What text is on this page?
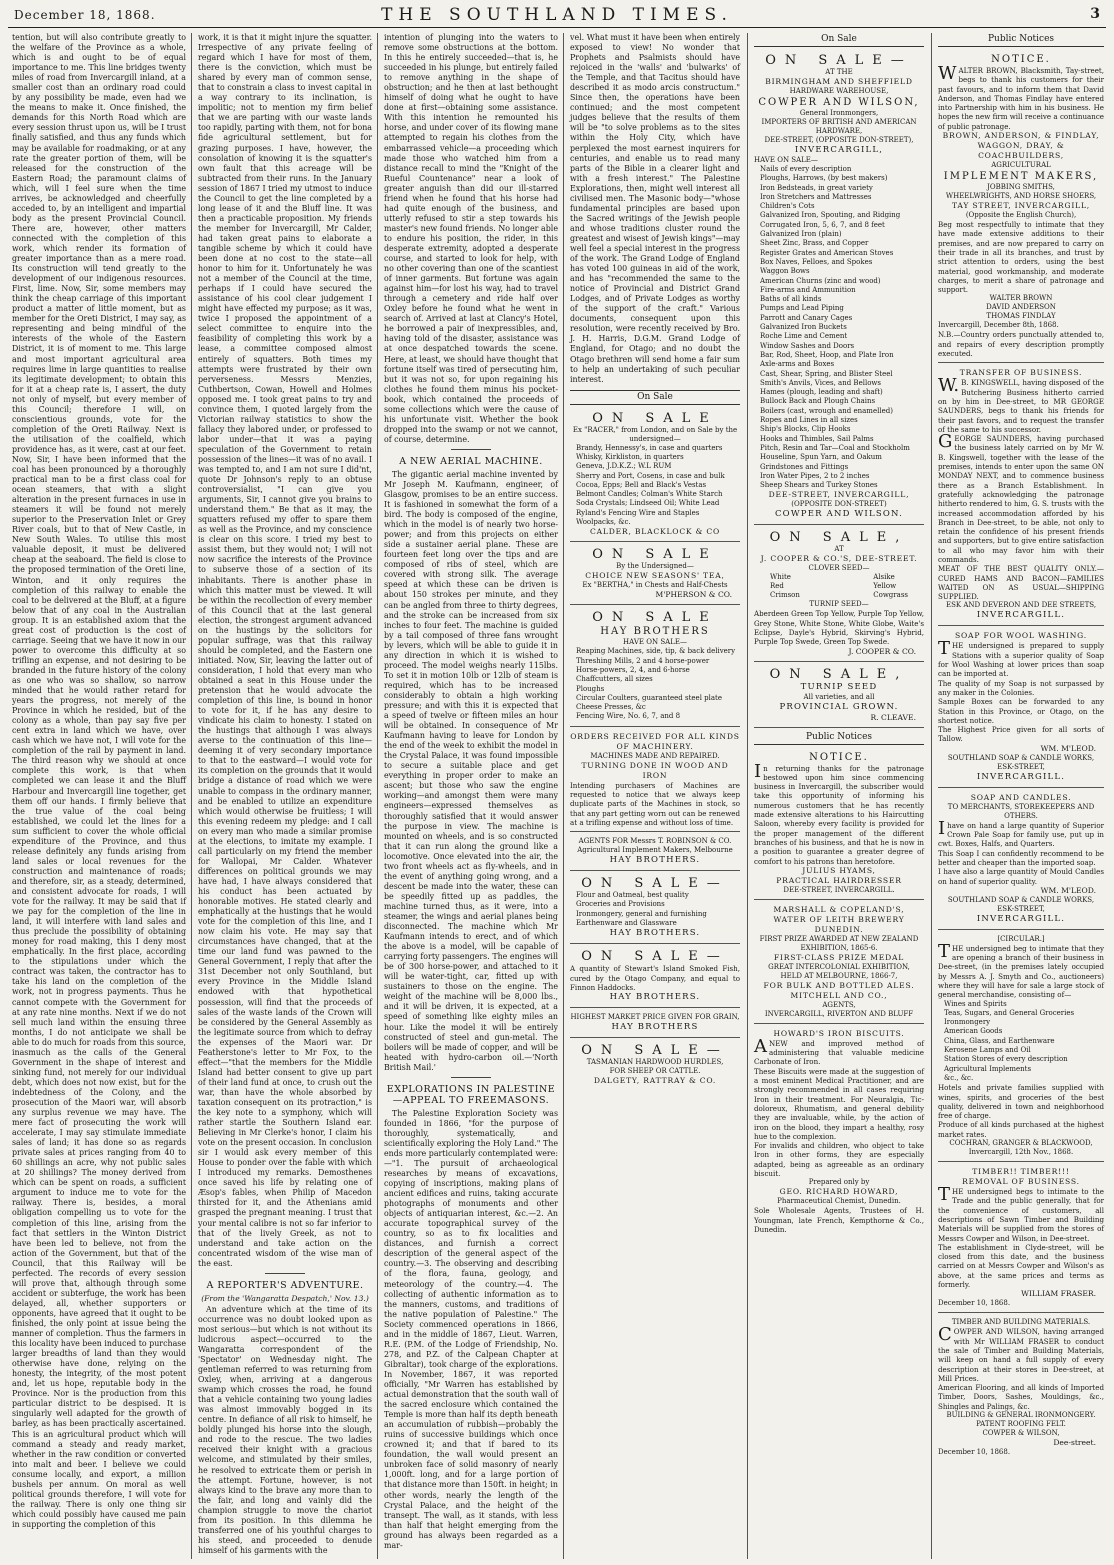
December 18, 1868.	THE SOUTHLAND TIMES.	3

tention, but will also contribute greatly to the welfare of the Province as a whole, which is and ought to be of equal importance to me. This line bridges twenty miles of road from Invercargill inland, at a smaller cost than an ordinary road could by any possibility be made, even had we the means to make it. Once finished, the demands for this North Road which are every session thrust upon us, will be I trust finally satisfied, and thus any funds which may be available for roadmaking, or at any rate the greater portion of them, will be released for the construction of the Eastern Road; the paramount claims of which, will I feel sure when the time arrives, be acknowledged and cheerfully acceded to, by an intelligent and impartial body as the present Provincial Council. There are, however, other matters connected with the completion of this work, which render its formation of greater importance than as a mere road. Its construction will tend greatly to the development of our indigenous resources. First, lime. Now, Sir, some members may think the cheap carriage of this important product a matter of little moment, but as member for the Oreti District, I may say, as representing and being mindful of the interests of the whole of the Eastern District, it is of moment to me. This large and most important agricultural area requires lime in large quantities to realise its legitimate development; to obtain this for it at a cheap rate is, I assert, the duty not only of myself, but every member of this Council; therefore I will, on conscientious grounds, vote for the completion of the Oreti Railway. Next is the utilisation of the coalfield, which providence has, as it were, cast at our feet. Now, Sir, I have been informed that the coal has been pronounced by a thoroughly practical man to be a first class coal for ocean steamers, that with a slight alteration in the present furnaces in use in steamers it will be found not merely superior to the Preservation Inlet or Grey River coals, but to that of New Castle, in New South Wales. To utilise this most valuable deposit, it must be delivered cheap at the seaboard. The field is close to the proposed termination of the Oreti line, Winton, and it only requires the completion of this railway to enable the coal to be delivered at the Bluff, at a figure below that of any coal in the Australian group. It is an established axiom that the great cost of production is the cost of carriage. Seeing that we have it now in our power to overcome this difficulty at so trifling an expense, and not desiring to be branded in the future history of the colony as one who was so shallow, so narrow minded that he would rather retard for years the progress, not merely of the Province in which he resided, but of the colony as a whole, than pay say five per cent extra in land which we have, over cash which we have not, I will vote for the completion of the rail by payment in land. The third reason why we should at once complete this work, is that when completed we can lease it and the Bluff Harbour and Invercargill line together, get them off our hands. I firmly believe that the true value of the coal being established, we could let the lines for a sum sufficient to cover the whole official expenditure of the Province, and thus release definitely any funds arising from land sales or local revenues for the construction and maintenance of roads; and therefore, sir, as a steady, determined, and consistent advocate for roads, I will vote for the railway. It may be said that if we pay for the completion of the line in land, it will interfere with land sales and thus preclude the possibility of obtaining money for road making, this I deny most emphatically. In the first place, according to the stipulations under which the contract was taken, the contractor has to take his land on the completion of the work, not in progress payments. Thus he cannot compete with the Government for at any rate nine months. Next if we do not sell much land within the ensuing three months, I do not anticipate we shall be able to do much for roads from this source, inasmuch as the calls of the General Government in the shape of interest and sinking fund, not merely for our individual debt, which does not now exist, but for the indebtedness of the Colony, and the prosecution of the Maori war, will absorb any surplus revenue we may have. The mere fact of prosecuting the work will accelerate, I may say stimulate immediate sales of land; it has done so as regards private sales at prices ranging from 40 to 60 shillings an acre, why not public sales at 20 shillings? The money derived from which can be spent on roads, a sufficient argument to induce me to vote for the railway. There is, besides, a moral obligation compelling us to vote for the completion of this line, arising from the fact that settlers in the Winton District have been led to believe, not from the action of the Government, but that of the Council, that this Railway will be perfected. The records of every session will prove that, although through some accident or subterfuge, the work has been delayed, all, whether supporters or opponents, have agreed that it ought to be finished, the only point at issue being the manner of completion. Thus the farmers in this locality have been induced to purchase larger breadths of land than they would otherwise have done, relying on the honesty, the integrity, of the most potent and, let us hope, reputable body in the Province. Nor is the production from this particular district to be despised. It is singularly well adapted for the growth of barley, as has been practically ascertained. This is an agricultural product which will command a steady and ready market, whether in the raw condition or converted into malt and beer. I believe we could consume locally, and export, a million bushels per annum. On moral as well political grounds therefore, I will vote for the railway. There is only one thing sir which could possibly have caused me pain in supporting the completion of this

work, it is that it might injure the squatter. Irrespective of any private feeling of regard which I have for most of them, there is the conviction, which must be shared by every man of common sense, that to constrain a class to invest capital in a way contrary to its inclination, is impolitic; not to mention my firm belief that we are parting with our waste lands too rapidly, parting with them, not for bona fide agricultural settlement, but for grazing purposes. I have, however, the consolation of knowing it is the squatter's own fault that this acreage will be subtracted from their runs. In the January session of 1867 I tried my utmost to induce the Council to get the line completed by a long lease of it and the Bluff line. It was then a practicable proposition. My friends the member for Invercargill, Mr Calder, had taken great pains to elaborate a tangible scheme by which it could have been done at no cost to the state—all honor to him for it. Unfortunately he was not a member of the Council at the time, perhaps if I could have secured the assistance of his cool clear judgement I might have effected my purpose; as it was, twice I proposed the appointment of a select committee to enquire into the feasibility of completing this work by a lease, a committee composed almost entirely of squatters. Both times my attempts were frustrated by their own perverseness. Messrs Menzies, Cuthbertson, Cowan, Howell and Holmes opposed me. I took great pains to try and convince them, I quoted largely from the Victorian railway statistics to show the fallacy they labored under, or professed to labor under—that it was a paying speculation of the Government to retain possession of the lines—it was of no avail. I was tempted to, and I am not sure I did'nt, quote Dr Johnson's reply to an obtuse controversialist, "I can give you arguments, Sir, I cannot give you brains to understand them." Be that as it may, the squatters refused my offer to spare them as well as the Province, and my conscience is clear on this score. I tried my best to assist them, but they would not; I will not now sacrifice the interests of the Province to subserve those of a section of its inhabitants. There is another phase in which this matter must be viewed. It will be within the recollection of every member of this Council that at the last general election, the strongest argument advanced on the hustings by the solicitors for popular suffrage, was that this railway should be completed, and the Eastern one initiated. Now, Sir, leaving the latter out of consideration, I hold that every man who obtained a seat in this House under the pretension that he would advocate the completion of this line, is bound in honor to vote for it, if he has any desire to vindicate his claim to honesty. I stated on the hustings that although I was always averse to the continuation of this line—deeming it of very secondary importance to that to the eastward—I would vote for its completion on the grounds that it would bridge a distance of road which we were unable to compass in the ordinary manner, and be enabled to utilize an expenditure which would otherwise be fruitless; I will this evening redeem my pledge: and I call on every man who made a similar promise at the elections, to imitate my example. I call particularly on my friend the member for Wallopai, Mr Calder. Whatever differences on political grounds we may have had, I have always considered that his conduct has been actuated by honorable motives. He stated clearly and emphatically at the hustings that he would vote for the completion of this line, and I now claim his vote. He may say that circumstances have changed, that at the time our land fund was pawned to the General Government, I reply that after the 31st December not only Southland, but every Province in the Middle Island endowed with that hypothetical possession, will find that the proceeds of sales of the waste lands of the Crown will be considered by the General Assembly as the legitimate source from which to defray the expenses of the Maori war. Dr Featherstone's letter to Mr Fox, to the effect—"that the members for the Middle Island had better consent to give up part of their land fund at once, to crush out the war, than have the whole absorbed by taxation consequent on its protraction," is the key note to a symphony, which will rather startle the Southern Island ear. Believing in Mr Clerke's honor, I claim his vote on the present occasion. In conclusion sir I would ask every member of this House to ponder over the fable with which I introduced my remarks. Demosthenes once saved his life by relating one of Æsop's fables, when Philip of Macedon thirsted for it, and the Athenians amid grasped the pregnant meaning. I trust that your mental calibre is not so far inferior to that of the lively Greek, as not to understand and take action on the concentrated wisdom of the wise man of the east.

A REPORTER'S ADVENTURE.
(From the 'Wangaratta Despatch,' Nov. 13.)

An adventure which at the time of its occurrence was no doubt looked upon as most serious—but which is not without its ludicrous aspect—occurred to the Wangaratta correspondent of the 'Spectator' on Wednesday night. The gentleman referred to was returning from Oxley, when, arriving at a dangerous swamp which crosses the road, he found that a vehicle containing two young ladies was almost immovably bogged in its centre. In defiance of all risk to himself, he boldly plunged his horse into the slough, and rode to the rescue. The two ladies received their knight with a gracious welcome, and stimulated by their smiles, he resolved to extricate them or perish in the attempt. Fortune, however, is not always kind to the brave any more than to the fair, and long and vainly did the champion struggle to move the chariot from its position. In this dilemma he transferred one of his youthful charges to his steed, and proceeded to denude himself of his garments with the

intention of plunging into the waters to remove some obstructions at the bottom. In this he entirely succeeded—that is, he succeeded in his plunge, but entirely failed to remove anything in the shape of obstruction; and he then at last bethought himself of doing what he ought to have done at first—obtaining some assistance. With this intention he remounted his horse, and under cover of its flowing mane attempted to regain his clothes from the embarrassed vehicle—a proceeding which made those who watched him from a distance recall to mind the "Knight of the Rueful Countenance" near a look of greater anguish than did our ill-starred friend when he found that his horse had had quite enough of the business, and utterly refused to stir a step towards his master's new found friends. No longer able to endure his position, the rider, in this desperate extremity, adopted a desperate course, and started to look for help, with no other covering than one of the scantiest of inner garments. But fortune was again against him—for lost his way, had to travel through a cemetery and ride half over Oxley before he found what he went in search of. Arrived at last at Clancy's Hotel, he borrowed a pair of inexpressibles, and, having told of the disaster, assistance was at once despatched towards the scene. Here, at least, we should have thought that fortune itself was tired of persecuting him, but it was not so, for upon regaining his clothes he found them minus his pocket-book, which contained the proceeds of some collections which were the cause of his unfortunate visit. Whether the book dropped into the swamp or not we cannot, of course, determine.

A NEW AERIAL MACHINE.

The gigantic aerial machine invented by Mr Joseph M. Kaufmann, engineer, of Glasgow, promises to be an entire success. It is fashioned in somewhat the form of a bird. The body is composed of the engine, which in the model is of nearly two horse-power; and from this projects on either side a sustainer aerial plane. These are fourteen feet long over the tips and are composed of ribs of steel, which are covered with strong silk. The average speed at which these can be driven is about 150 strokes per minute, and they can be angled from three to thirty degrees, and the stroke can be increased from six inches to four feet. The machine is guided by a tail composed of three fans wrought by levers, which will be able to guide it in any direction in which it is wished to proceed. The model weighs nearly 115lbs. To set it in motion 10lb or 12lb of steam is required, which has to be increased considerably to obtain a high working pressure; and with this it is expected that a speed of twelve or fifteen miles an hour will be obtained. In consequence of Mr Kaufmann having to leave for London by the end of the week to exhibit the model in the Crystal Palace, it was found impossible to secure a suitable place and get everything in proper order to make an ascent; but those who saw the engine working—and amongst them were many engineers—expressed themselves as thoroughly satisfied that it would answer the purpose in view. The machine is mounted on wheels, and is so constructed that it can run along the ground like a locomotive. Once elevated into the air, the two front wheels act as fly-wheels, and in the event of anything going wrong, and a descent be made into the water, these can be speedily fitted up as paddles, the machine turned thus, as it were, into a steamer, the wings and aerial planes being disconnected. The machine which Mr Kaufmann intends to erect, and of which the above is a model, will be capable of carrying forty passengers. The engines will be of 300 horse-power, and attached to it will be water-tight, car, fitted up with sustainers to those on the engine. The weight of the machine will be 8,000 lbs., and it will be driven, it is expected, at a speed of something like eighty miles an hour. Like the model it will be entirely constructed of steel and gun-metal. The boilers will be made of copper, and will be heated with hydro-carbon oil.—'North British Mail.'

EXPLORATIONS IN PALESTINE—APPEAL TO FREEMASONS.

The Palestine Exploration Society was founded in 1866, "for the purpose of thoroughly, systematically, and scientifically exploring the Holy Land." The ends more particularly contemplated were:—"1. The pursuit of archaeological researches by means of excavations, copying of inscriptions, making plans of ancient edifices and ruins, taking accurate photographs of monuments and other objects of antiquarian interest, &c.—2. An accurate topographical survey of the country, so as to fix localities and distances, and furnish a correct description of the general aspect of the country.—3. The observing and describing of the flora, fauna, geology, and meteorology of the country.—4. The collecting of authentic information as to the manners, customs, and traditions of the native population of Palestine." The Society commenced operations in 1866, and in the middle of 1867, Lieut. Warren, R.E. (P.M. of the Lodge of Friendship, No. 278, and P.Z. of the Calpean Chapter at Gibraltar), took charge of the explorations. In November, 1867, it was reported officially, "Mr Warren has established by actual demonstration that the south wall of the sacred enclosure which contained the Temple is more than half its depth beneath an accumulation of rubbish—probably the ruins of successive buildings which once crowned it; and that if bared to its foundation, the wall would present an unbroken face of solid masonry of nearly 1,000ft. long, and for a large portion of that distance more than 150ft. in height; in other words, nearly the length of the Crystal Palace, and the height of the transept. The wall, as it stands, with less than half that height emerging from the ground has always been regarded as a mar-

vel. What must it have been when entirely exposed to view! No wonder that Prophets and Psalmists should have rejoiced in the 'walls' and 'bulwarks' of the Temple, and that Tacitus should have described it as modo arcis constructum." Since then, the operations have been continued; and the most competent judges believe that the results of them will be "to solve problems as to the sites within the Holy City, which have perplexed the most earnest inquirers for centuries, and enable us to read many parts of the Bible in a clearer light and with a fresh interest." The Palestine Explorations, then, might well interest all civilised men. The Masonic body—"whose fundamental principles are based upon the Sacred writings of the Jewish people and whose traditions cluster round the greatest and wisest of Jewish kings"—may well feel a special interest in the progress of the work. The Grand Lodge of England has voted 100 guineas in aid of the work, and has "recommended the same to the notice of Provincial and District Grand Lodges, and of Private Lodges as worthy of the support of the craft." Various documents, consequent upon this resolution, were recently received by Bro. J. H. Harris, D.G.M. Grand Lodge of England, for Otago; and no doubt the Otago brethren will send home a fair sum to help an undertaking of such peculiar interest.

On Sale
ON SALE
Ex "RACER," from London, and on Sale by the undersigned—
Brandy, Hennessy's, in case and quarters
Whisky, Kirkliston, in quarters
Geneva, J.D.K.Z.; W.L RUM
Sherry and Port, Cosens, in case and bulk
Cocoa, Epps; Bell and Black's Vestas
Belmont Candles; Colman's White Starch
Soda Crystals; Lindseed Oil; White Lead
Ryland's Fencing Wire and Staples
Woolpacks, &c.
CALDER, BLACKLOCK & CO
ON SALE
By the Undersigned—
CHOICE NEW SEASONS' TEA,
Ex "BERTHA," in Chests and Half-Chests
M'PHERSON & CO.
ON SALE
HAY BROTHERS
HAVE ON SALE—
Reaping Machines, side, tip, & back delivery
Threshing Mills, 2 and 4 horse-power
Horse-powers, 2, 4, and 6-horse
Chaffcutters, all sizes
Ploughs
Circular Coulters, guaranteed steel plate
Cheese Presses, &c
Fencing Wire, No. 6, 7, and 8
ORDERS RECEIVED FOR ALL KINDS OF MACHINERY.
MACHINES MADE AND REPAIRED.
TURNING DONE IN WOOD AND IRON
Intending purchasers of Machines are requested to notice that we always keep duplicate parts of the Machines in stock, so that any part getting worn out can be renewed at a trifling expense and without loss of time.
AGENTS FOR Messrs T. ROBINSON & CO.
Agricultural Implement Makers, Melbourne
HAY BROTHERS.
ON SALE—
Flour and Oatmeal, best quality
Groceries and Provisions
Ironmongery, general and furnishing
Earthenware and Glassware
HAY BROTHERS.
ON SALE—
A quantity of Stewart's Island Smoked Fish, cured by the Otago Company, and equal to Finnon Haddocks.
HAY BROTHERS.
HIGHEST MARKET PRICE GIVEN FOR GRAIN,
HAY BROTHERS
ON SALE—
TASMANIAN HARDWOOD HURDLES,
FOR SHEEP OR CATTLE.
DALGETY, RATTRAY & CO.
On Sale
ON SALE—
AT THE
BIRMINGHAM AND SHEFFIELD
HARDWARE WAREHOUSE,
COWPER AND WILSON,
General Ironmongers,
IMPORTERS OF BRITISH AND AMERICAN HARDWARE,
DEE-STREET, (OPPOSITE DON-STREET),
INVERCARGILL,
HAVE ON SALE—
Nails of every description
Ploughs, Harrows, (by best makers)
Iron Bedsteads, in great variety
Iron Stretchers and Mattresses
Children's Cots
Galvanized Iron, Spouting, and Ridging
Corrugated Iron, 5, 6, 7, and 8 feet
Galvanized Iron (plain)
Sheet Zinc, Brass, and Copper
Register Grates and American Stoves
Box Naves, Felloes, and Spokes
Waggon Bows
American Churns (zinc and wood)
Fire-arms and Ammunition
Baths of all kinds
Pumps and Lead Piping
Parrott and Canary Cages
Galvanized Iron Buckets
Roche Lime and Cement
Window Sashes and Doors
Bar, Rod, Sheet, Hoop, and Plate Iron
Axle-arms and Boxes
Cast, Shear, Spring, and Blister Steel
Smith's Anvils, Vices, and Bellows
Hames (plough, leading and shaft)
Bullock Back and Plough Chains
Boilers (cast, wrough and enamelled)
Ropes and Lines in all sizes
Ship's Blocks, Clip Hooks
Hooks and Thimbles, Sail Palms
Pitch, Resin and Tar—Coal and Stockholm
Houseline, Spun Yarn, and Oakum
Grindstones and Fittings
Iron Water Pipes, 2 to 2 inches
Sheep Shears and Turkey Stones
DEE-STREET, INVERCARGILL,
(OPPOSITE DON-STREET)
COWPER AND WILSON.
ON SALE,
AT
J. COOPER & CO.'S, DEE-STREET.
CLOVER SEED—
White
Red
Crimson
Alsike
Yellow
Cowgrass
TURNIP SEED—
Aberdeen Green Top Yellow, Purple Top Yellow, Grey Stone, White Stone, White Globe, Waite's Eclipse, Dayle's Hybrid, Skirving's Hybrid, Purple Top Swede, Green Top Swede.
J. COOPER & CO.
ON SALE,
TURNIP SEED
All varieties, and all
PROVINCIAL GROWN.
R. CLEAVE.
Public Notices
NOTICE.
In returning thanks for the patronage bestowed upon him since commencing business in Invercargill, the subscriber would take this opportunity of informing his numerous customers that he has recently made extensive alterations to his Haircutting Saloon, whereby every facility is provided for the proper management of the different branches of his business, and that he is now in a position to guarantee a greater degree of comfort to his patrons than heretofore.
JULIUS HYAMS,
PRACTICAL HAIRDRESSER
DEE-STREET, INVERCARGILL.
MARSHALL & COPELAND'S,
WATER OF LEITH BREWERY
DUNEDIN.
FIRST PRIZE AWARDED AT NEW ZEALAND EXHIBITION, 1865-6.
FIRST-CLASS PRIZE MEDAL
GREAT INTERCOLONIAL EXHIBITION,
HELD AT MELBOURNE, 1866-7,
FOR BULK AND BOTTLED ALES.
MITCHELL AND CO.,
AGENTS,
INVERCARGILL, RIVERTON AND BLUFF
HOWARD'S IRON BISCUITS.
ANEW and improved method of administering that valuable medicine Carbonate of Iron.
These Biscuits were made at the suggestion of a most eminent Medical Practitioner, and are strongly recommended in all cases requiring Iron in their treatment. For Neuralgia, Tic-doloreux, Rhumatism, and general debility they are invaluable, while, by the action of iron on the blood, they impart a healthy, rosy hue to the complexion.
For invalids and children, who object to take Iron in other forms, they are especially adapted, being as agreeable as an ordinary biscuit.
Prepared only by
GEO. RICHARD HOWARD,
Pharmaceutical Chemist, Dunedin.
Sole Wholesale Agents, Trustees of H. Youngman, late French, Kempthorne & Co., Dunedin.
Public Notices
NOTICE.
WALTER BROWN, Blacksmith, Tay-street, begs to thank his customers for their past favours, and to inform them that David Anderson, and Thomas Findlay have entered into Partnership with him in his business. He hopes the new firm will receive a continuance of public patronage.
BROWN, ANDERSON, & FINDLAY,
WAGGON, DRAY, & COACHBUILDERS,
AGRICULTURAL
IMPLEMENT MAKERS,
JOBBING SMITHS,
WHEELWRIGHTS, AND HORSE SHOERS,
TAY STREET, INVERCARGILL,
(Opposite the English Church),
Beg most respectfully to intimate that they have made extensive additions to their premises, and are now prepared to carry on their trade in all its branches, and trust by strict attention to orders, using the best material, good workmanship, and moderate charges, to merit a share of patronage and support.
WALTER BROWN
DAVID ANDERSON
THOMAS FINDLAY
Invercargill, December 8th, 1868.
N.B.—Country orders punctually attended to, and repairs of every description promptly executed.
TRANSFER OF BUSINESS.
W.B. KINGSWELL, having disposed of the Butchering Business hitherto carried on by him in Dee-street, to MR GEORGE SAUNDERS, begs to thank his friends for their past favors, and to request the transfer of the same to his successor.
GEORGE SAUNDERS, having purchased the business lately carried on by Mr W. B. Kingswell, together with the lease of the premises, intends to enter upon the same ON MONDAY NEXT, and to commence business there as a Branch Establishment. In gratefully acknowledging the patronage hitherto rendered to him, G. S. trusts with the increased accommodation afforded by his Branch in Dee-street, to be able, not only to retain the confidence of his present friends and supporters, but to give entire satisfaction to all who may favor him with their commands.
MEAT OF THE BEST QUALITY ONLY.—CURED HAMS AND BACON—FAMILIES WAITED ON AS USUAL—SHIPPING SUPPLIED.
ESK AND DEVERON AND DEE STREETS,
INVERCARGILL.
SOAP FOR WOOL WASHING.
THE undersigned is prepared to supply Stations with a superior quality of Soap for Wool Washing at lower prices than soap can be imported at.
The quality of my Soap is not surpassed by any maker in the Colonies.
Sample Boxes can be forwarded to any Station in this Province, or Otago, on the shortest notice.
The Highest Price given for all sorts of Tallow.
WM. M'LEOD.
SOUTHLAND SOAP & CANDLE WORKS,
ESK-STREET,
INVERCARGILL.
SOAP AND CANDLES.
TO MERCHANTS, STOREKEEPERS AND OTHERS.
Ihave on hand a large quantity of Superior Crown Pale Soap for family use, put up in cwt. Boxes, Halfs, and Quarters.
This Soap I can confidently recommend to be better and cheaper than the imported soap.
I have also a large quantity of Mould Candles on hand of superior quality.
WM. M'LEOD.
SOUTHLAND SOAP & CANDLE WORKS,
ESK-STREET,
INVERCARGILL.
[CIRCULAR.]
THE undersigned beg to intimate that they are opening a branch of their business in Dee-street, (in the premises lately occupied by Messrs A. J. Smyth and Co., auctioneers) where they will have for sale a large stock of general merchandise, consisting of—
Wines and Spirits
Teas, Sugars, and General Groceries
Ironmongery
American Goods
China, Glass, and Earthenware
Kerosene Lamps and Oil
Station Stores of every description
Agricultural Implements
&c., &c.
Hotels and private families supplied with wines, spirits, and groceries of the best quality, delivered in town and neighborhood free of charge.
Produce of all kinds purchased at the highest market rates.
COCHRAN, GRANGER & BLACKWOOD,
Invercargill, 12th Nov., 1868.
TIMBER!! TIMBER!!!
REMOVAL OF BUSINESS.
THE undersigned begs to intimate to the Trade and the public generally, that for the convenience of customers, all descriptions of Sawn Timber and Building Materials will be supplied from the stores of Messrs Cowper and Wilson, in Dee-street.
The establishment in Clyde-street, will be closed from this date, and the business carried on at Messrs Cowper and Wilson's as above, at the same prices and terms as formerly.
WILLIAM FRASER.
December 10, 1868.
TIMBER AND BUILDING MATERIALS.
COWPER AND WILSON, having arranged with Mr WILLIAM FRASER to conduct the sale of Timber and Building Materials, will keep on hand a full supply of every description at their stores in Dee-street, at Mill Prices.
American Flooring, and all kinds of Imported Timber, Doors, Sashes, Mouldings, &c., Shingles and Palings, &c.
BUILDING & GENERAL IRONMONGERY.
PATENT ROOFING FELT.
COWPER & WILSON,
Dee-street.
December 10, 1868.
